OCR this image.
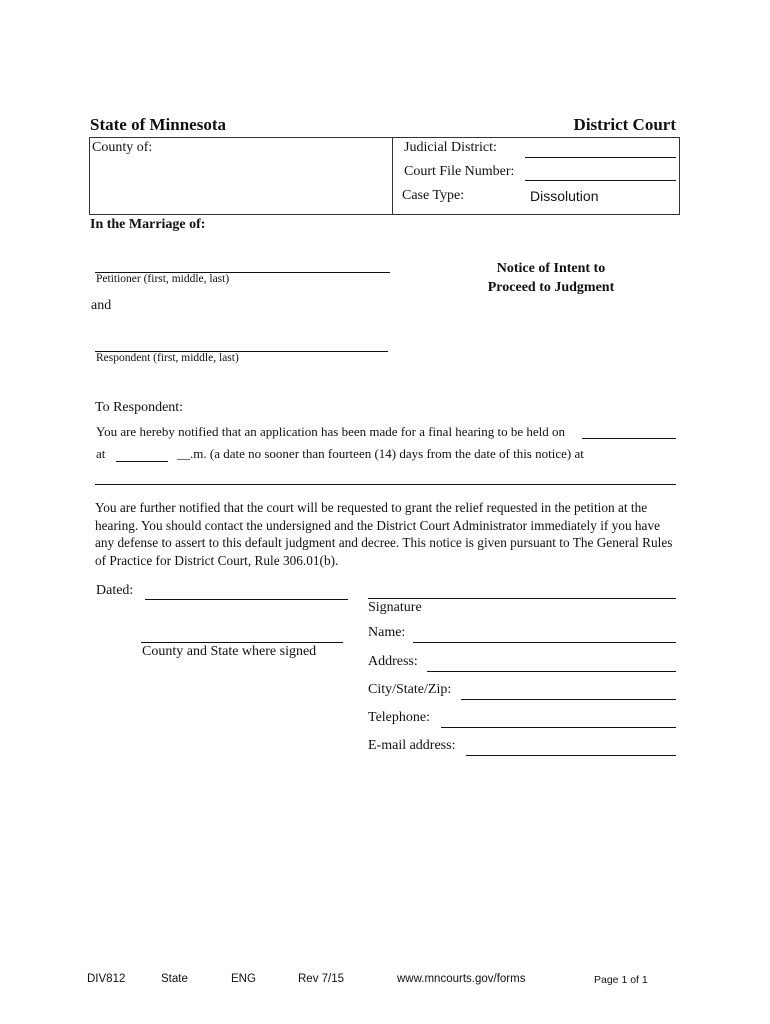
State of Minnesota	District Court
County of:	Judicial District:
Court File Number:
Case Type:	Dissolution
In the Marriage of:
Petitioner (first, middle, last)
and
Respondent (first, middle, last)
Notice of Intent to
Proceed to Judgment
To Respondent:
You are hereby notified that an application has been made for a final hearing to be held on
at	__.m. (a date no sooner than fourteen (14) days from the date of this notice) at
You are further notified that the court will be requested to grant the relief requested in the petition at the hearing. You should contact the undersigned and the District Court Administrator immediately if you have any defense to assert to this default judgment and decree. This notice is given pursuant to The General Rules of Practice for District Court, Rule 306.01(b).
Dated:
County and State where signed
Signature
Name:
Address:
City/State/Zip:
Telephone:
E-mail address:
DIV812	State	ENG	Rev 7/15	www.mncourts.gov/forms	Page 1 of 1
